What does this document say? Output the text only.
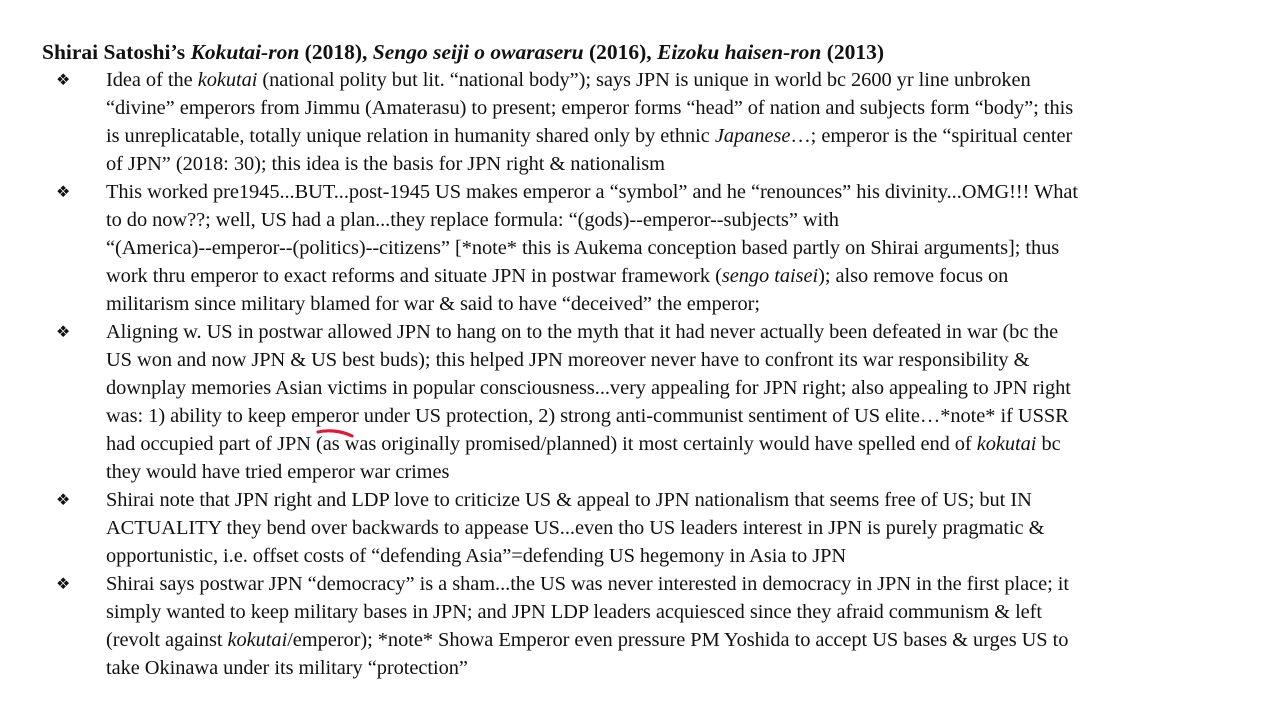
Shirai Satoshi’s Kokutai-ron (2018), Sengo seiji o owaraseru (2016), Eizoku haisen-ron (2013)
❖ Idea of the kokutai (national polity but lit. “national body”); says JPN is unique in world bc 2600 yr line unbroken
“divine” emperors from Jimmu (Amaterasu) to present; emperor forms “head” of nation and subjects form “body”; this
is unreplicatable, totally unique relation in humanity shared only by ethnic Japanese…; emperor is the “spiritual center
of JPN” (2018: 30); this idea is the basis for JPN right & nationalism
❖ This worked pre1945...BUT...post-1945 US makes emperor a “symbol” and he “renounces” his divinity...OMG!!! What
to do now??; well, US had a plan...they replace formula: “(gods)--emperor--subjects” with
“(America)--emperor--(politics)--citizens” [*note* this is Aukema conception based partly on Shirai arguments]; thus
work thru emperor to exact reforms and situate JPN in postwar framework (sengo taisei); also remove focus on
militarism since military blamed for war & said to have “deceived” the emperor;
❖ Aligning w. US in postwar allowed JPN to hang on to the myth that it had never actually been defeated in war (bc the
US won and now JPN & US best buds); this helped JPN moreover never have to confront its war responsibility &
downplay memories Asian victims in popular consciousness...very appealing for JPN right; also appealing to JPN right
was: 1) ability to keep emperor under US protection, 2) strong anti-communist sentiment of US elite…*note* if USSR
had occupied part of JPN (as was originally promised/planned) it most certainly would have spelled end of kokutai bc
they would have tried emperor war crimes
❖ Shirai note that JPN right and LDP love to criticize US & appeal to JPN nationalism that seems free of US; but IN
ACTUALITY they bend over backwards to appease US...even tho US leaders interest in JPN is purely pragmatic &
opportunistic, i.e. offset costs of “defending Asia”=defending US hegemony in Asia to JPN
❖ Shirai says postwar JPN “democracy” is a sham...the US was never interested in democracy in JPN in the first place; it
simply wanted to keep military bases in JPN; and JPN LDP leaders acquiesced since they afraid communism & left
(revolt against kokutai/emperor); *note* Showa Emperor even pressure PM Yoshida to accept US bases & urges US to
take Okinawa under its military “protection”
